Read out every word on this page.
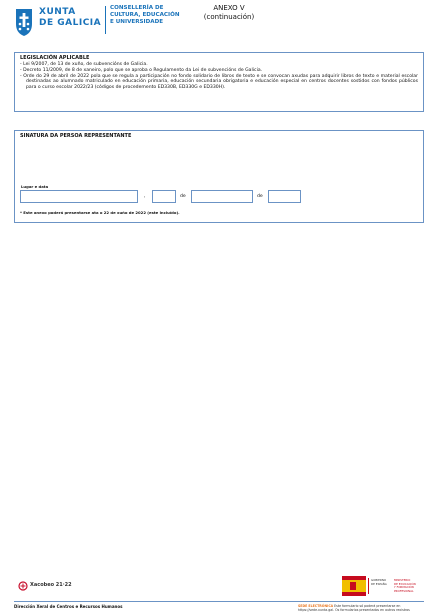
XUNTA
DE GALICIA
CONSELLERÍA DE
CULTURA, EDUCACIÓN
E UNIVERSIDADE
ANEXO V
(continuación)
LEGISLACIÓN APLICABLE
- Lei 9/2007, de 13 de xuño, de subvencións de Galicia.
- Decreto 11/2009, de 8 de xaneiro, polo que se aproba o Regulamento da Lei de subvencións de Galicia.
- Orde do 29 de abril de 2022 pola que se regula a participación no fondo solidario de libros de texto e se convocan axudas para adquirir libros de texto e material escolar destinadas ao alumnado matriculado en educación primaria, educación secundaria obrigatoria e educación especial en centros docentes sostidos con fondos públicos para o curso escolar 2022/23 (códigos de procedemento ED330B, ED330G e ED330H).
SINATURA DA PERSOA REPRESENTANTE
Lugar e data
,	de	de
* Este anexo poderá presentarse ata o 22 de xuño de 2022 (este incluído).
Xacobeo 21·22
GOBIERNO
DE ESPAÑA
MINISTERIO
DE EDUCACIÓN
Y FORMACIÓN PROFESIONAL
Dirección Xeral de Centros e Recursos Humanos	SEDE ELECTRÓNICA Este formulario só poderá presentarse en https://sede.xunta.gal. Os formularios presentados en outros rexistros
